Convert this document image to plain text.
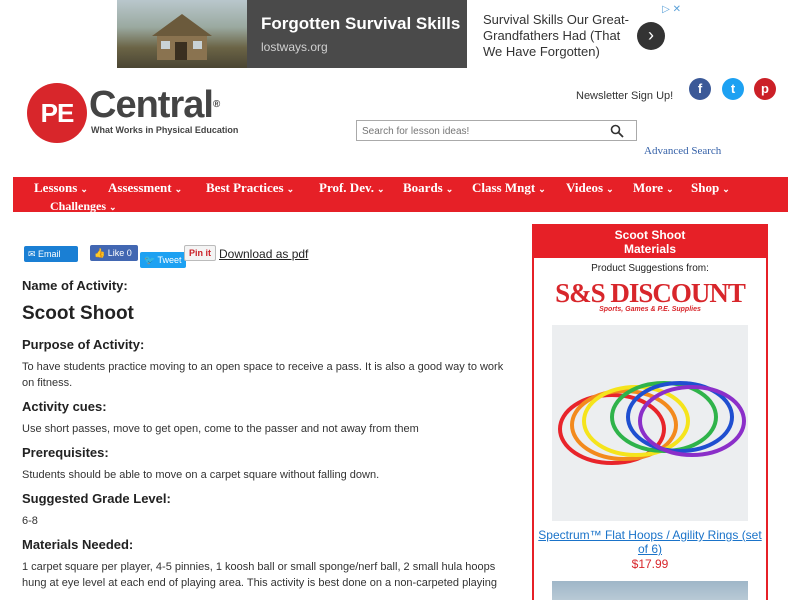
Forgotten Survival Skills
lostways.org
Survival Skills Our Great-Grandfathers Had (That We Have Forgotten)
›
▷ ✕
PE Central®
What Works in Physical Education
Newsletter Sign Up!	f	t	p
Search for lesson ideas!
Advanced Search
Lessons ⌄ Assessment ⌄ Best Practices ⌄ Prof. Dev. ⌄ Boards ⌄ Class Mngt ⌄ Videos ⌄ More ⌄ Shop ⌄
Challenges ⌄
✉ Email	👍 Like 0
🐦 Tweet
Pin it Download as pdf
Name of Activity:
Scoot Shoot
Purpose of Activity:
To have students practice moving to an open space to receive a pass. It is also a good way to work on fitness.
Activity cues:
Use short passes, move to get open, come to the passer and not away from them
Prerequisites:
Students should be able to move on a carpet square without falling down.
Suggested Grade Level:
6-8
Materials Needed:
1 carpet square per player, 4-5 pinnies, 1 koosh ball or small sponge/nerf ball, 2 small hula hoops hung at eye level at each end of playing area. This activity is best done on a non-carpeted playing
Scoot Shoot
Materials
Product Suggestions from:
S&S DISCOUNT
Sports, Games & P.E. Supplies
Spectrum™ Flat Hoops / Agility Rings (set of 6)
$17.99
